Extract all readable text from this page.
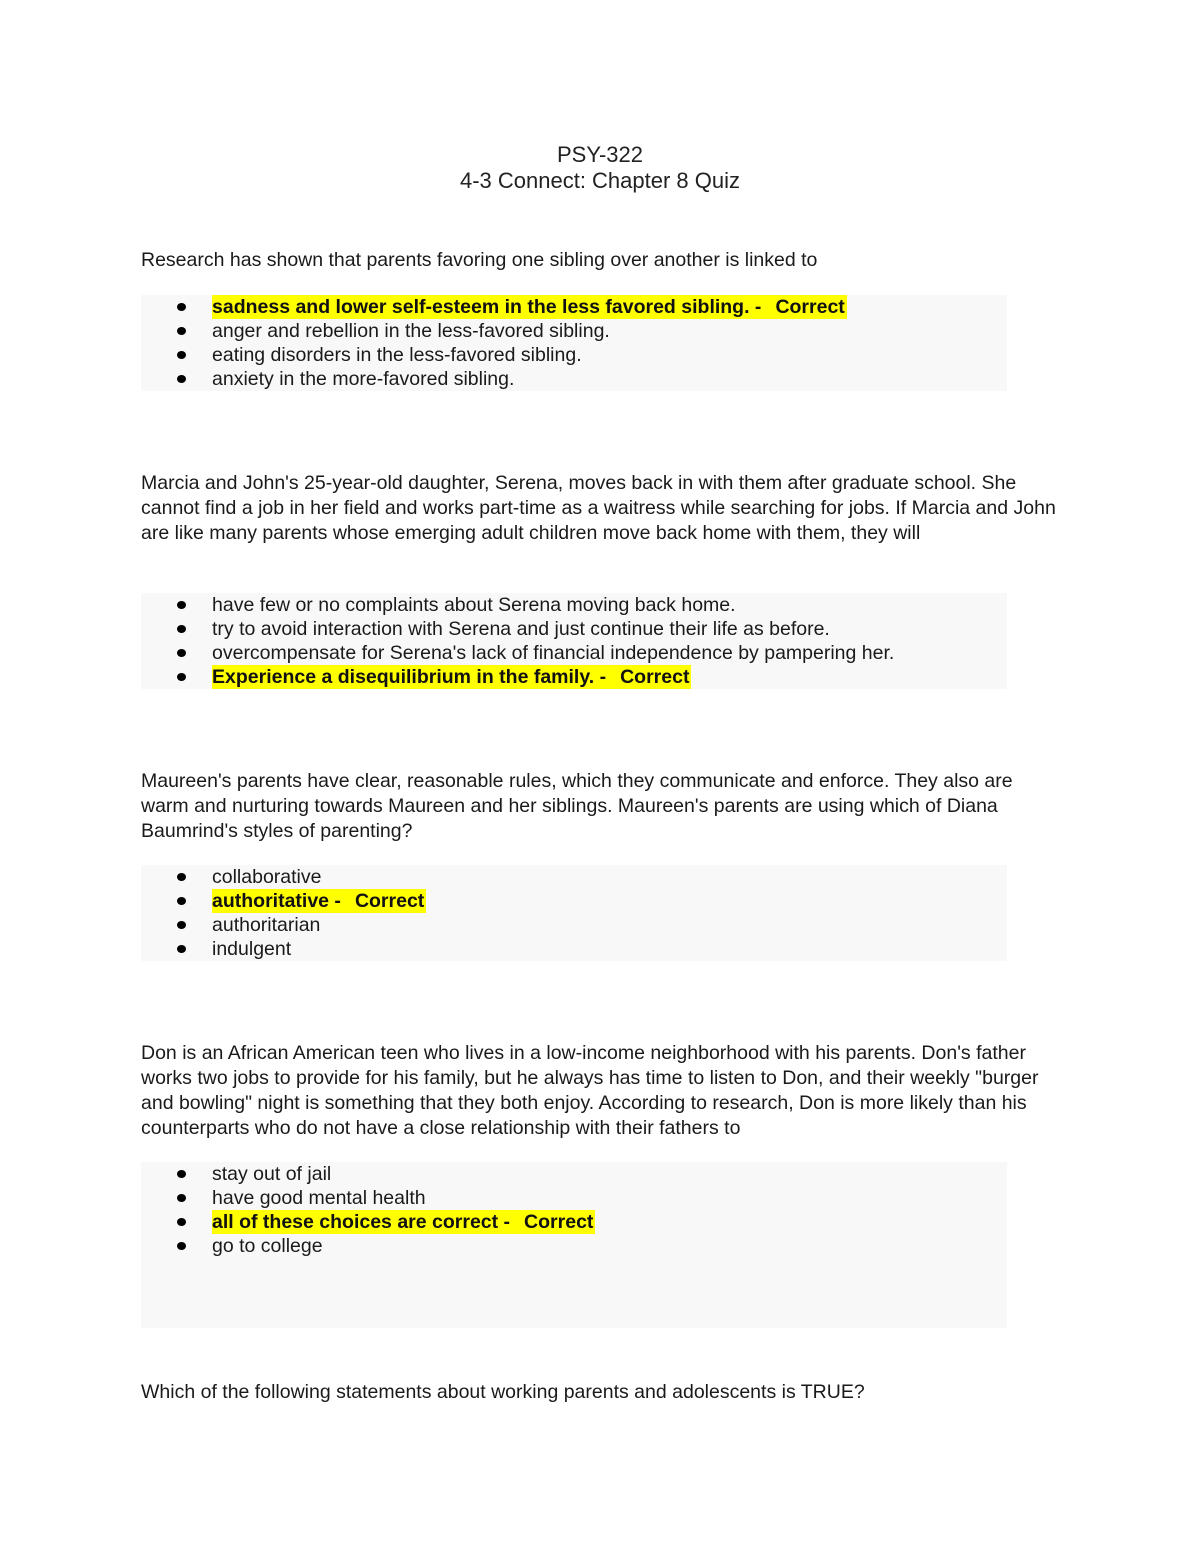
PSY-322
4-3 Connect: Chapter 8 Quiz
Research has shown that parents favoring one sibling over another is linked to
sadness and lower self-esteem in the less favored sibling. - Correct
anger and rebellion in the less-favored sibling.
eating disorders in the less-favored sibling.
anxiety in the more-favored sibling.
Marcia and John's 25-year-old daughter, Serena, moves back in with them after graduate school. She cannot find a job in her field and works part-time as a waitress while searching for jobs. If Marcia and John are like many parents whose emerging adult children move back home with them, they will
have few or no complaints about Serena moving back home.
try to avoid interaction with Serena and just continue their life as before.
overcompensate for Serena's lack of financial independence by pampering her.
Experience a disequilibrium in the family. - Correct
Maureen's parents have clear, reasonable rules, which they communicate and enforce. They also are warm and nurturing towards Maureen and her siblings. Maureen's parents are using which of Diana Baumrind's styles of parenting?
collaborative
authoritative - Correct
authoritarian
indulgent
Don is an African American teen who lives in a low-income neighborhood with his parents. Don's father works two jobs to provide for his family, but he always has time to listen to Don, and their weekly "burger and bowling" night is something that they both enjoy. According to research, Don is more likely than his counterparts who do not have a close relationship with their fathers to
stay out of jail
have good mental health
all of these choices are correct - Correct
go to college
Which of the following statements about working parents and adolescents is TRUE?
